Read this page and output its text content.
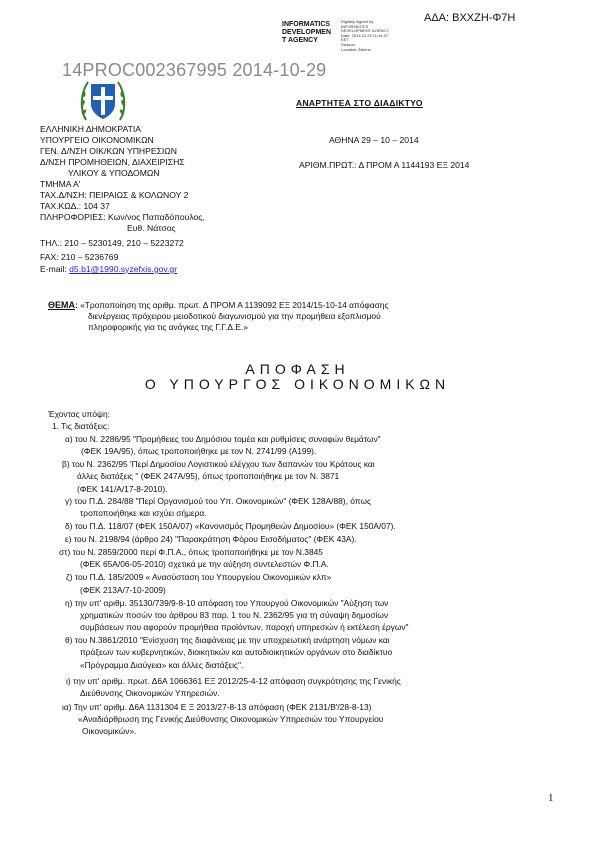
ΑΔΑ: ΒΧΧΖΗ-Φ7Η
INFORMATICS
DEVELOPMEN
T AGENCY
Digitally signed by
INFORMATICS
DEVELOPMENT AGENCY
Date: 2014.10.29 11:44:37
EET
Reason:
Location: Athens
14PROC002367995 2014-10-29
ΑΝΑΡΤΗΤΕΑ ΣΤΟ ΔΙΑΔΙΚΤΥΟ
ΕΛΛΗΝΙΚΗ ΔΗΜΟΚΡΑΤΙΑ
ΥΠΟΥΡΓΕΙΟ ΟΙΚΟΝΟΜΙΚΩΝ
ΓΕΝ. Δ/ΝΣΗ ΟΙΚ/ΚΩΝ ΥΠΗΡΕΣΙΩΝ
Δ/ΝΣΗ ΠΡΟΜΗΘΕΙΩΝ, ΔΙΑΧΕΙΡΙΣΗΣ
ΥΛΙΚΟΥ & ΥΠΟΔΟΜΩΝ
ΤΜΗΜΑ Α'
ΤΑΧ.Δ/ΝΣΗ: ΠΕΙΡΑΙΩΣ & ΚΟΛΩΝΟΥ 2
ΤΑΧ.ΚΩΔ.: 104 37
ΠΛΗΡΟΦΟΡΙΕΣ: Κων/νος Παπαδόπουλος,
Ευθ. Νάτσος
ΤΗΛ.: 210 – 5230149, 210 – 5223272
FAX: 210 – 5236769
E-mail: d5.b1@1990.syzefxis.gov.gr
ΑΘΗΝΑ 29 – 10 – 2014
ΑΡΙΘΜ.ΠΡΩΤ.: Δ ΠΡΟΜ Α 1144193 ΕΞ 2014
ΘΕΜΑ: «Τροποποίηση της αριθμ. πρωτ. Δ ΠΡΟΜ Α 1139092 ΕΞ 2014/15-10-14 απόφασης
διενέργειας πρόχειρου μειοδοτικού διαγωνισμού για την προμήθεια εξοπλισμού
πληροφορικής για τις ανάγκες της Γ.Γ.Δ.Ε.»
ΑΠΟΦΑΣΗ
Ο ΥΠΟΥΡΓΟΣ ΟΙΚΟΝΟΜΙΚΩΝ
Έχοντας υπόψη:
1. Τις διατάξεις:
α) του Ν. 2286/95 "Προμήθειες του Δημόσιου τομέα και ρυθμίσεις συναφών θεμάτων"
(ΦΕΚ 19Α/95), όπως τροποποιήθηκε με τον Ν. 2741/99 (Α199).
β) του Ν. 2362/95 'Περί Δημοσίου Λογιστικού ελέγχου των δαπανών του Κράτους και
άλλες διατάξεις " (ΦΕΚ 247Α/95), όπως τροποποιήθηκε με τον Ν. 3871
(ΦΕΚ 141/Α/17-8-2010).
γ) του Π.Δ. 284/88 "Περί Οργανισμού του Υπ. Οικονομικών" (ΦΕΚ 128Α/88), όπως
τροποποιήθηκε και ισχύει σήμερα.
δ) του Π.Δ. 118/07 (ΦΕΚ 150Α/07) «Κανονισμός Προμηθειών Δημοσίου» (ΦΕΚ 150Α/07).
ε) του Ν. 2198/94 (άρθρο 24) "Παρακράτηση Φόρου Εισοδήματος" (ΦΕΚ 43Α).
στ) του Ν. 2859/2000 περί Φ.Π.Α., όπως τροποποιήθηκε με τον Ν.3845
(ΦΕΚ 65Α/06-05-2010) σχετικά με την αύξηση συντελεστών Φ.Π.Α.
ζ) του Π.Δ. 185/2009 « Ανασύσταση του Υπουργείου Οικονομικών κλπ»
(ΦΕΚ 213Α/7-10-2009)
η) την υπ' αριθμ. 35130/739/9-8-10 απόφαση του Υπουργού Οικονομικών "Αύξηση των
χρηματικών ποσών του άρθρου 83 παρ. 1 του Ν. 2362/95 για τη σύναψη δημοσίων
συμβάσεων που αφορούν προμήθεια προϊόντων, παροχή υπηρεσιών ή εκτέλεση έργων"
θ) του Ν.3861/2010 "Ενίσχυση της διαφάνειας με την υποχρεωτική ανάρτηση νόμων και
πράξεων των κυβερνητικών, διοικητικών και αυτοδιοικητικών οργάνων στο διαδίκτυο
«Πρόγραμμα Διαύγεια» και άλλες διατάξεις".
ι) την υπ' αριθμ. πρωτ. Δ6Α 1066361 ΕΞ 2012/25-4-12 απόφαση συγκρότησης της Γενικής
Διεύθυνσης Οικονομικών Υπηρεσιών.
ια) Την υπ' αριθμ. Δ6Α 1131304 Ε Ξ 2013/27-8-13 απόφαση (ΦΕΚ 2131/Β'/28-8-13)
«Αναδιάρθρωση της Γενικής Διεύθυνσης Οικονομικών Υπηρεσιών του Υπουργείου
Οικονομικών».
1
